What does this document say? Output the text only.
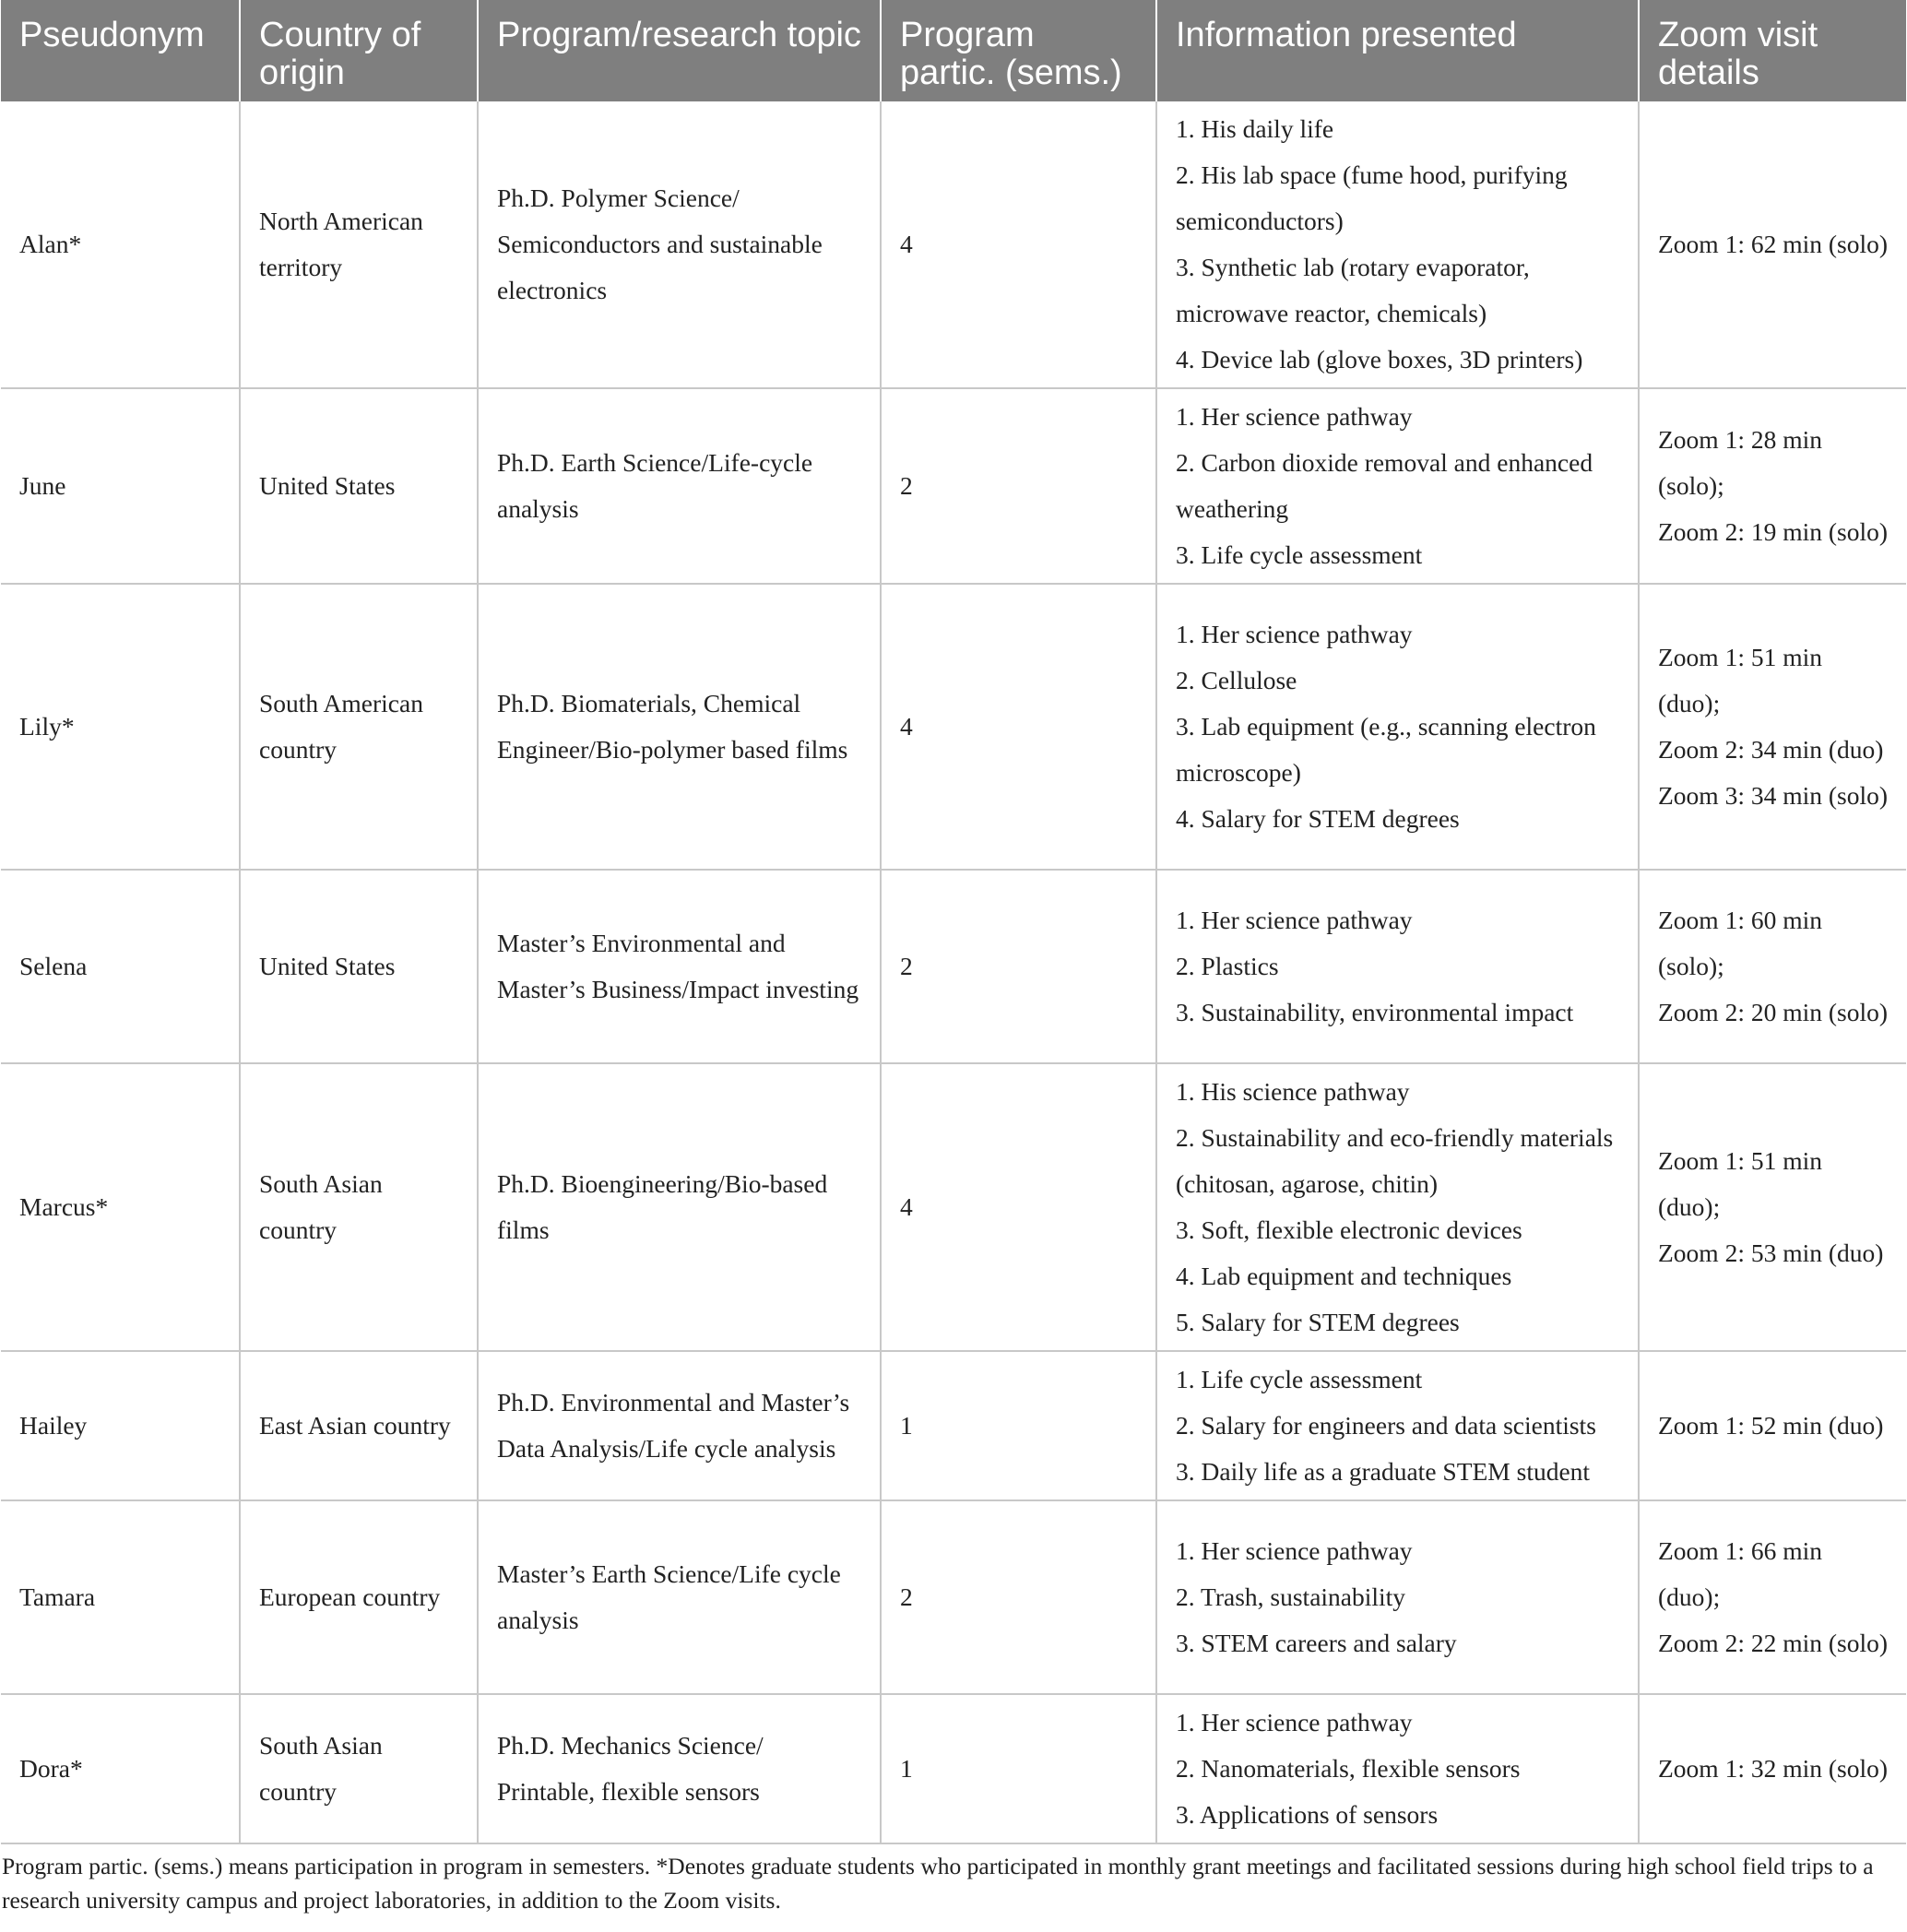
Pseudonym	Country of origin	Program/research topic	Program partic. (sems.)	Information presented	Zoom visit details
Alan*	North American territory	Ph.D. Polymer Science/ Semiconductors and sustainable electronics	4	1. His daily life
2. His lab space (fume hood, purifying semiconductors)
3. Synthetic lab (rotary evaporator, microwave reactor, chemicals)
4. Device lab (glove boxes, 3D printers)	Zoom 1: 62 min (solo)

June	United States	Ph.D. Earth Science/Life-cycle analysis	2	1. Her science pathway
2. Carbon dioxide removal and enhanced weathering
3. Life cycle assessment	Zoom 1: 28 min (solo);
Zoom 2: 19 min (solo)

Lily*	South American country	Ph.D. Biomaterials, Chemical Engineer/Bio-polymer based films	4	1. Her science pathway
2. Cellulose
3. Lab equipment (e.g., scanning electron microscope)
4. Salary for STEM degrees	Zoom 1: 51 min (duo);
Zoom 2: 34 min (duo)
Zoom 3: 34 min (solo)

Selena	United States	Master’s Environmental and Master’s Business/Impact investing	2	1. Her science pathway
2. Plastics
3. Sustainability, environmental impact	Zoom 1: 60 min (solo);
Zoom 2: 20 min (solo)

Marcus*	South Asian country	Ph.D. Bioengineering/Bio-based films	4	1. His science pathway
2. Sustainability and eco-friendly materials (chitosan, agarose, chitin)
3. Soft, flexible electronic devices
4. Lab equipment and techniques
5. Salary for STEM degrees	Zoom 1: 51 min (duo);
Zoom 2: 53 min (duo)

Hailey	East Asian country	Ph.D. Environmental and Master’s Data Analysis/Life cycle analysis	1	1. Life cycle assessment
2. Salary for engineers and data scientists
3. Daily life as a graduate STEM student	Zoom 1: 52 min (duo)

Tamara	European country	Master’s Earth Science/Life cycle analysis	2	1. Her science pathway
2. Trash, sustainability
3. STEM careers and salary	Zoom 1: 66 min (duo);
Zoom 2: 22 min (solo)

Dora*	South Asian country	Ph.D. Mechanics Science/ Printable, flexible sensors	1	1. Her science pathway
2. Nanomaterials, flexible sensors
3. Applications of sensors	Zoom 1: 32 min (solo)
Program partic. (sems.) means participation in program in semesters. *Denotes graduate students who participated in monthly grant meetings and facilitated sessions during high school field trips to a research university campus and project laboratories, in addition to the Zoom visits.
